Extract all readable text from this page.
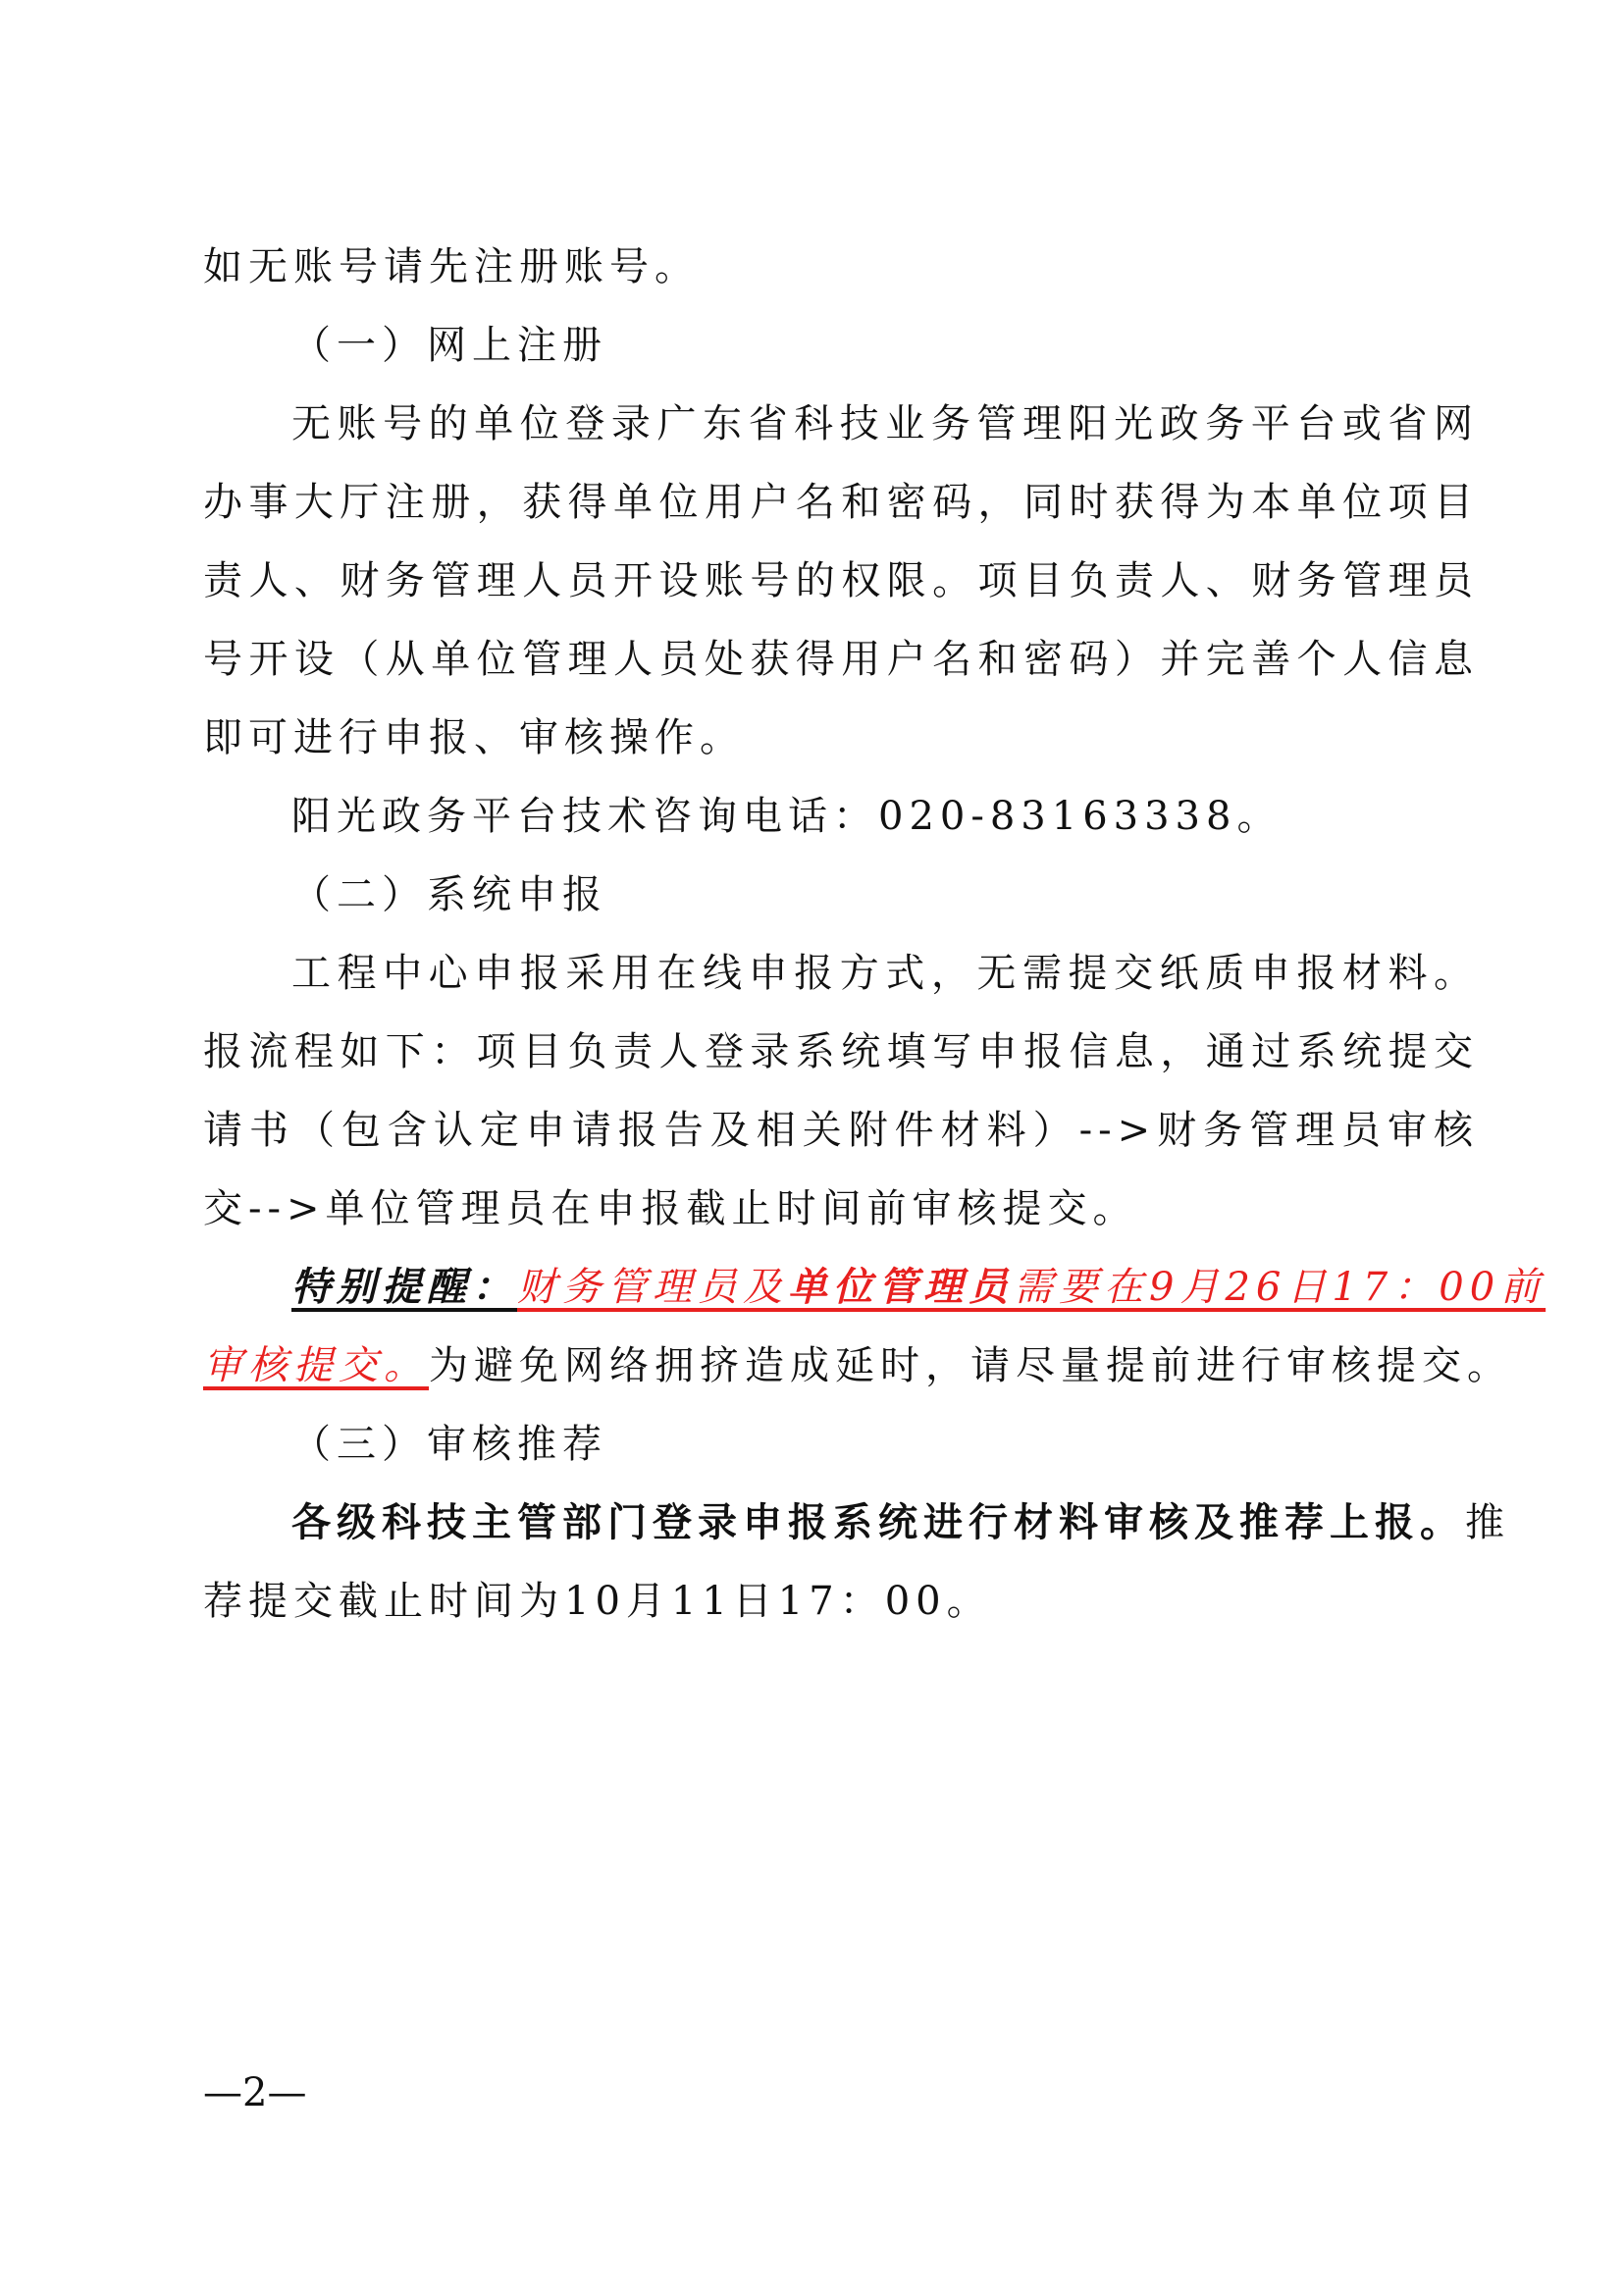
如无账号请先注册账号。
（一）网上注册
无账号的单位登录广东省科技业务管理阳光政务平台或省网
办事大厅注册，获得单位用户名和密码，同时获得为本单位项目
责人、财务管理人员开设账号的权限。项目负责人、财务管理员
号开设（从单位管理人员处获得用户名和密码）并完善个人信息
即可进行申报、审核操作。
阳光政务平台技术咨询电话：020-83163338。
（二）系统申报
工程中心申报采用在线申报方式，无需提交纸质申报材料。
报流程如下：项目负责人登录系统填写申报信息，通过系统提交
请书（包含认定申请报告及相关附件材料）-->财务管理员审核
交-->单位管理员在申报截止时间前审核提交。
特别提醒：财务管理员及单位管理员需要在9月26日17：00前
审核提交。为避免网络拥挤造成延时，请尽量提前进行审核提交。
（三）审核推荐
各级科技主管部门登录申报系统进行材料审核及推荐上报。推
荐提交截止时间为10月11日17：00。
—2—
